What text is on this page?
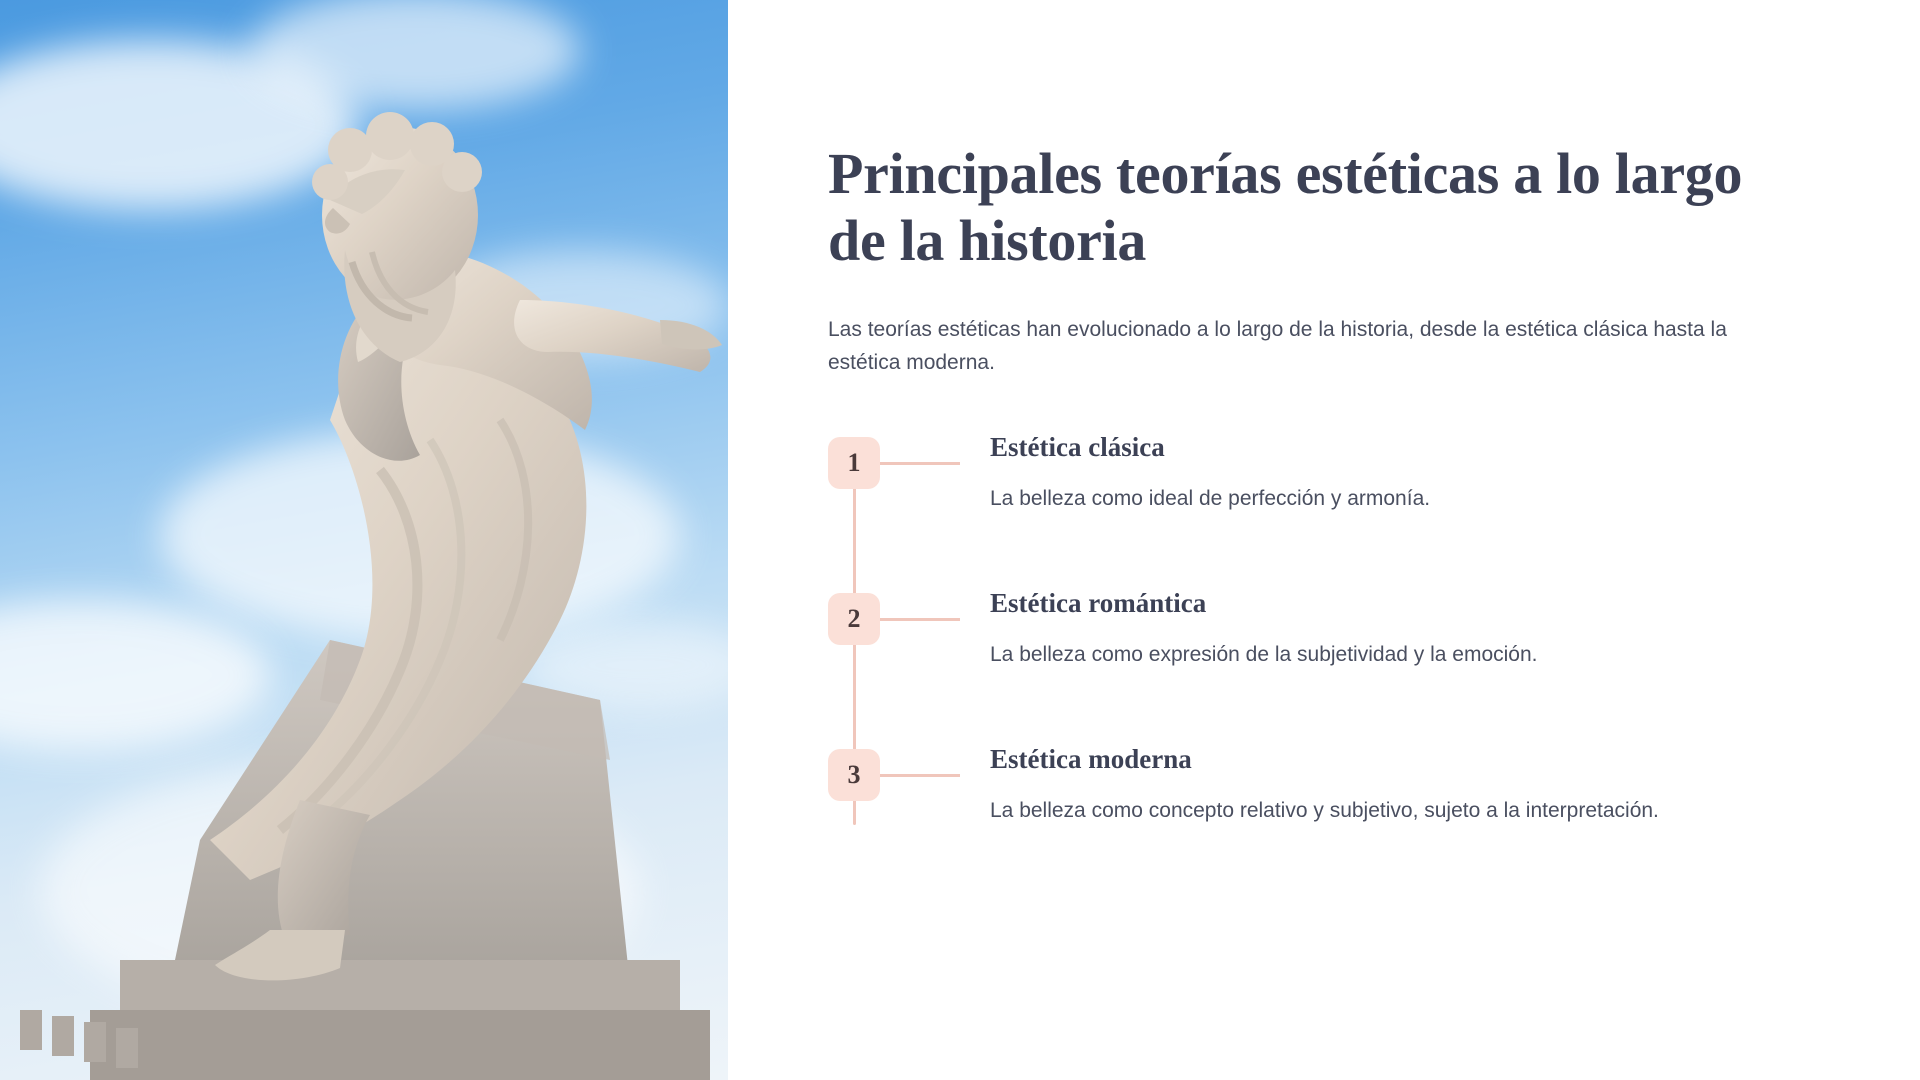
Principales teorías estéticas a lo largo de la historia

Las teorías estéticas han evolucionado a lo largo de la historia, desde la estética clásica hasta la estética moderna.

1
Estética clásica

La belleza como ideal de perfección y armonía.

2
Estética romántica

La belleza como expresión de la subjetividad y la emoción.

3
Estética moderna

La belleza como concepto relativo y subjetivo, sujeto a la interpretación.
